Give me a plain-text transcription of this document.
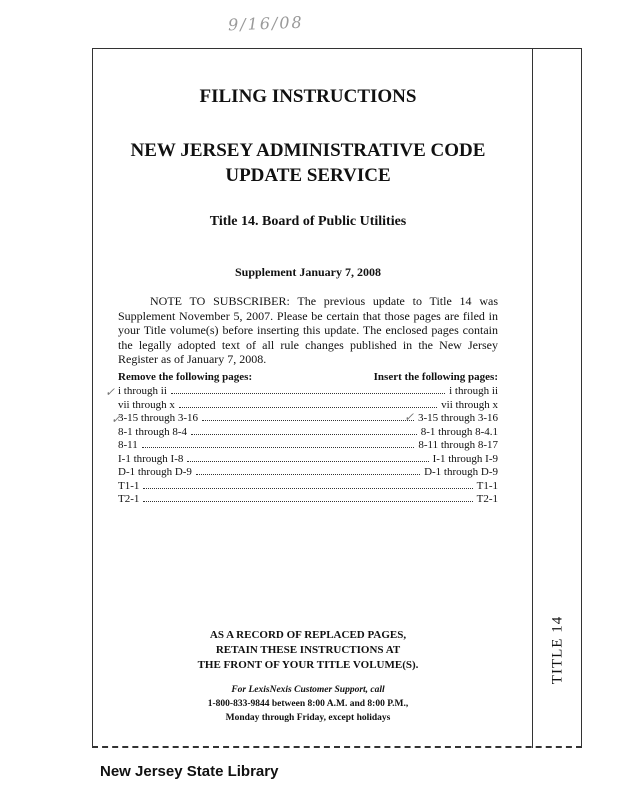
9/16/08
TITLE 14
FILING INSTRUCTIONS
NEW JERSEY ADMINISTRATIVE CODE
UPDATE SERVICE
Title 14. Board of Public Utilities

Supplement January 7, 2008

NOTE TO SUBSCRIBER: The previous update to Title 14 was Supplement November 5, 2007. Please be certain that those pages are filed in your Title volume(s) before inserting this update. The enclosed pages contain the legally adopted text of all rule changes published in the New Jersey Register as of January 7, 2008.

Remove the following pages:	Insert the following pages:
i through ii	i through ii
vii through x	vii through x
3-15 through 3-16	3-15 through 3-16
8-1 through 8-4	8-1 through 8-4.1
8-11	8-11 through 8-17
I-1 through I-8	I-1 through I-9
D-1 through D-9	D-1 through D-9
T1-1	T1-1
T2-1	T2-1

AS A RECORD OF REPLACED PAGES,
RETAIN THESE INSTRUCTIONS AT
THE FRONT OF YOUR TITLE VOLUME(S).

For LexisNexis Customer Support, call
1-800-833-9844 between 8:00 A.M. and 8:00 P.M.,
Monday through Friday, except holidays

✓
✓	✓
New Jersey State Library
